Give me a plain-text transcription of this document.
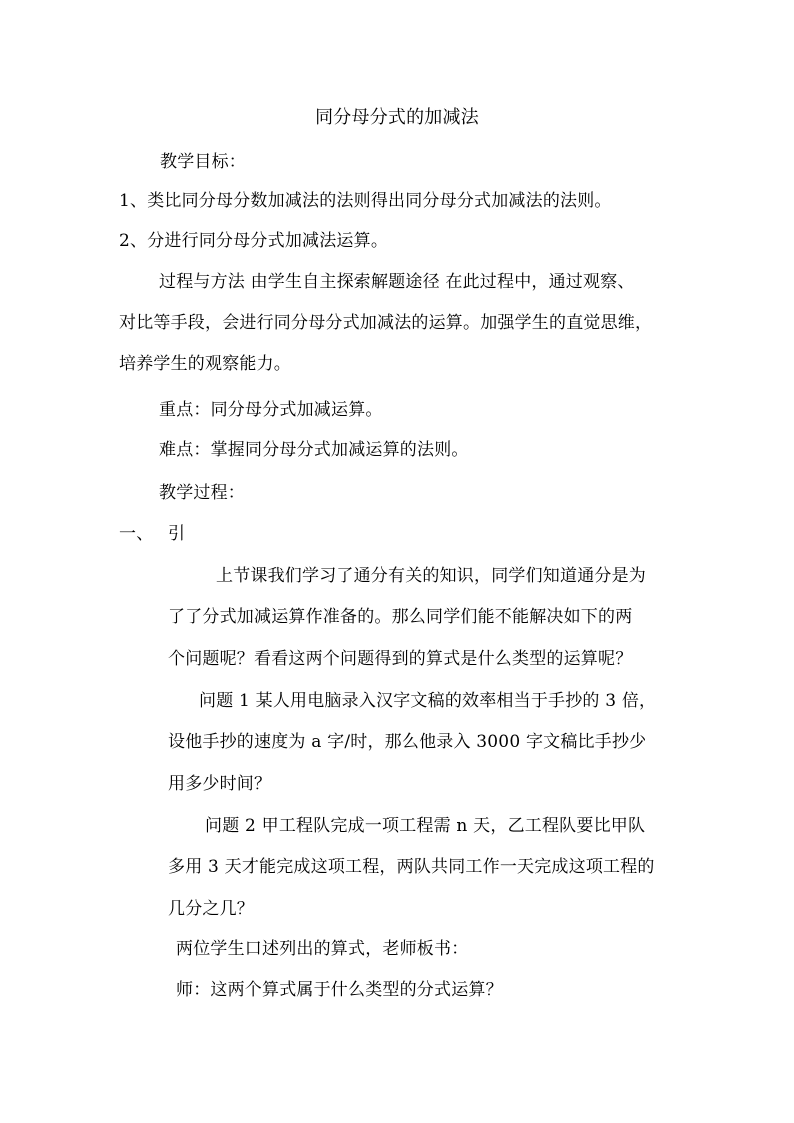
同分母分式的加减法
教学目标：
1、类比同分母分数加减法的法则得出同分母分式加减法的法则。
2、分进行同分母分式加减法运算。
过程与方法 由学生自主探索解题途径 在此过程中，通过观察、
对比等手段，会进行同分母分式加减法的运算。加强学生的直觉思维，
培养学生的观察能力。
重点：同分母分式加减运算。
难点：掌握同分母分式加减运算的法则。
教学过程：
一、 引
上节课我们学习了通分有关的知识，同学们知道通分是为
了了分式加减运算作准备的。那么同学们能不能解决如下的两
个问题呢？看看这两个问题得到的算式是什么类型的运算呢？
问题 1 某人用电脑录入汉字文稿的效率相当于手抄的 3 倍，
设他手抄的速度为 a 字/时，那么他录入 3000 字文稿比手抄少
用多少时间？
问题 2 甲工程队完成一项工程需 n 天，乙工程队要比甲队
多用 3 天才能完成这项工程，两队共同工作一天完成这项工程的
几分之几？
两位学生口述列出的算式，老师板书：
师：这两个算式属于什么类型的分式运算？
